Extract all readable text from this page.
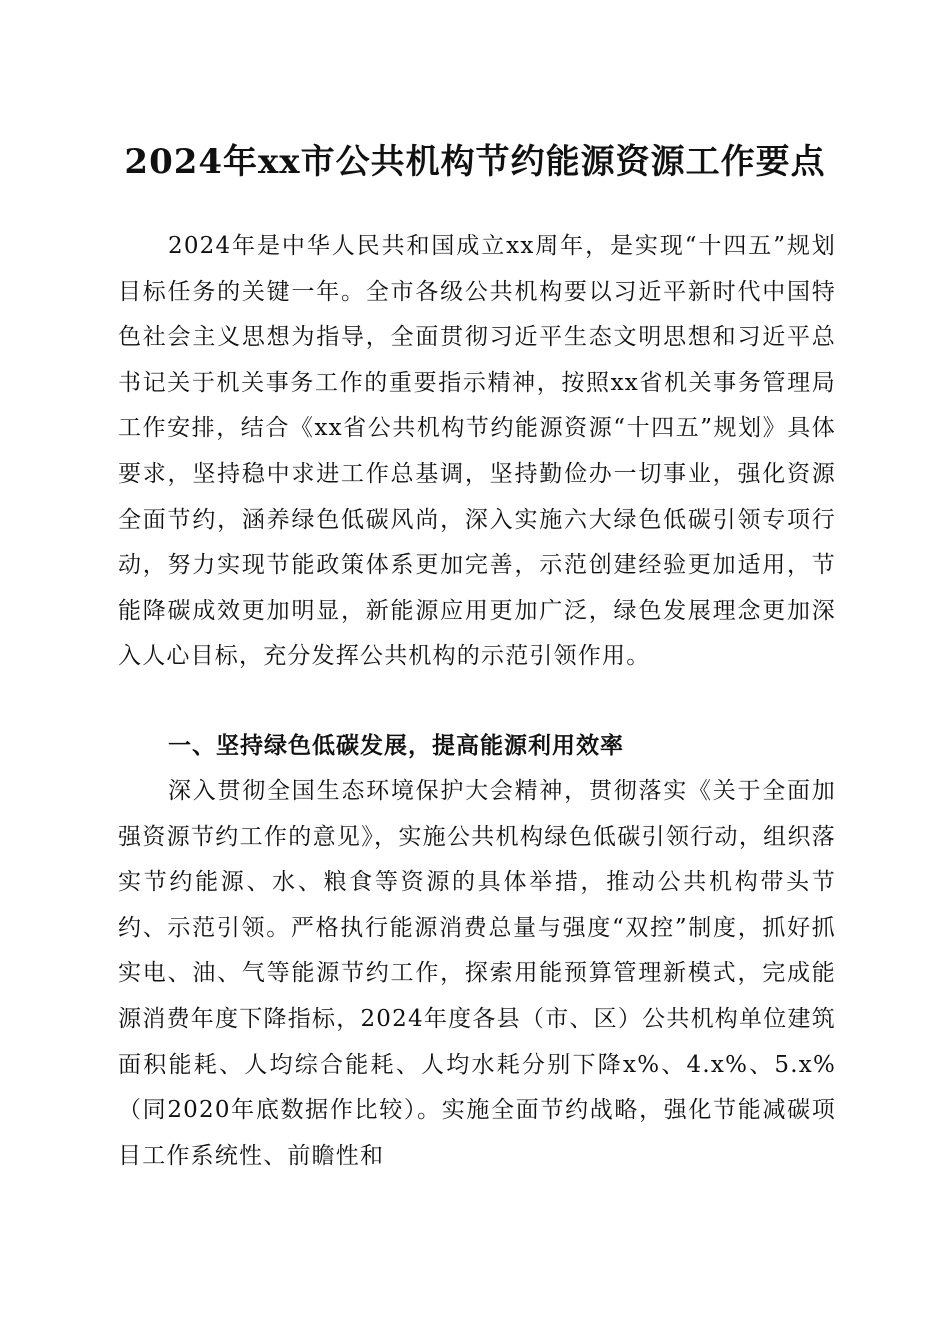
2024年xx市公共机构节约能源资源工作要点

2024年是中华人民共和国成立xx周年，是实现“十四五”规划目标任务的关键一年。全市各级公共机构要以习近平新时代中国特色社会主义思想为指导，全面贯彻习近平生态文明思想和习近平总书记关于机关事务工作的重要指示精神，按照xx省机关事务管理局工作安排，结合《xx省公共机构节约能源资源“十四五”规划》具体要求，坚持稳中求进工作总基调，坚持勤俭办一切事业，强化资源全面节约，涵养绿色低碳风尚，深入实施六大绿色低碳引领专项行动，努力实现节能政策体系更加完善，示范创建经验更加适用，节能降碳成效更加明显，新能源应用更加广泛，绿色发展理念更加深入人心目标，充分发挥公共机构的示范引领作用。

一、坚持绿色低碳发展，提高能源利用效率

深入贯彻全国生态环境保护大会精神，贯彻落实《关于全面加强资源节约工作的意见》，实施公共机构绿色低碳引领行动，组织落实节约能源、水、粮食等资源的具体举措，推动公共机构带头节约、示范引领。严格执行能源消费总量与强度“双控”制度，抓好抓实电、油、气等能源节约工作，探索用能预算管理新模式，完成能源消费年度下降指标，2024年度各县（市、区）公共机构单位建筑面积能耗、人均综合能耗、人均水耗分别下降x%、4.x%、5.x%（同2020年底数据作比较）。实施全面节约战略，强化节能减碳项目工作系统性、前瞻性和
